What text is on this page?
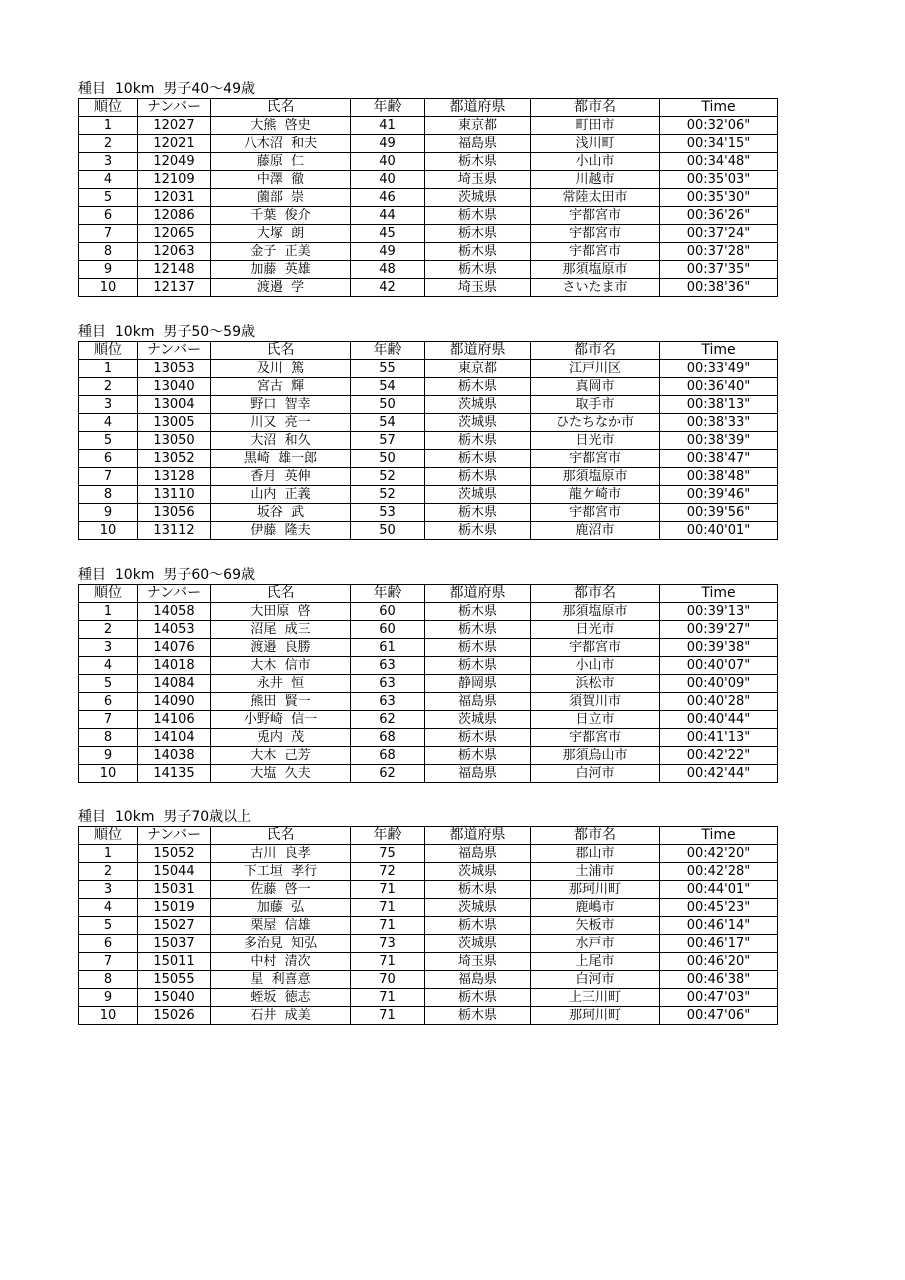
種目  10km  男子40～49歳
順位	ナンバー	氏名	年齢	都道府県	都市名	Time
1	12027	大熊  啓史	41	東京都	町田市	00:32'06"
2	12021	八木沼  和夫	49	福島県	浅川町	00:34'15"
3	12049	藤原  仁	40	栃木県	小山市	00:34'48"
4	12109	中澤  徹	40	埼玉県	川越市	00:35'03"
5	12031	薗部  崇	46	茨城県	常陸太田市	00:35'30"
6	12086	千葉  俊介	44	栃木県	宇都宮市	00:36'26"
7	12065	大塚  朗	45	栃木県	宇都宮市	00:37'24"
8	12063	金子  正美	49	栃木県	宇都宮市	00:37'28"
9	12148	加藤  英雄	48	栃木県	那須塩原市	00:37'35"
10	12137	渡邉  学	42	埼玉県	さいたま市	00:38'36"
種目  10km  男子50～59歳
順位	ナンバー	氏名	年齢	都道府県	都市名	Time
1	13053	及川  篤	55	東京都	江戸川区	00:33'49"
2	13040	宮古  輝	54	栃木県	真岡市	00:36'40"
3	13004	野口  智幸	50	茨城県	取手市	00:38'13"
4	13005	川又  亮一	54	茨城県	ひたちなか市	00:38'33"
5	13050	大沼  和久	57	栃木県	日光市	00:38'39"
6	13052	黒崎  雄一郎	50	栃木県	宇都宮市	00:38'47"
7	13128	香月  英伸	52	栃木県	那須塩原市	00:38'48"
8	13110	山内  正義	52	茨城県	龍ケ崎市	00:39'46"
9	13056	坂谷  武	53	栃木県	宇都宮市	00:39'56"
10	13112	伊藤  隆夫	50	栃木県	鹿沼市	00:40'01"
種目  10km  男子60～69歳
順位	ナンバー	氏名	年齢	都道府県	都市名	Time
1	14058	大田原  啓	60	栃木県	那須塩原市	00:39'13"
2	14053	沼尾  成三	60	栃木県	日光市	00:39'27"
3	14076	渡邉  良勝	61	栃木県	宇都宮市	00:39'38"
4	14018	大木  信市	63	栃木県	小山市	00:40'07"
5	14084	永井  恒	63	静岡県	浜松市	00:40'09"
6	14090	熊田  賢一	63	福島県	須賀川市	00:40'28"
7	14106	小野崎  信一	62	茨城県	日立市	00:40'44"
8	14104	兎内  茂	68	栃木県	宇都宮市	00:41'13"
9	14038	大木  己芳	68	栃木県	那須烏山市	00:42'22"
10	14135	大塩  久夫	62	福島県	白河市	00:42'44"
種目  10km  男子70歳以上
順位	ナンバー	氏名	年齢	都道府県	都市名	Time
1	15052	古川  良孝	75	福島県	郡山市	00:42'20"
2	15044	下工垣  孝行	72	茨城県	土浦市	00:42'28"
3	15031	佐藤  啓一	71	栃木県	那珂川町	00:44'01"
4	15019	加藤  弘	71	茨城県	鹿嶋市	00:45'23"
5	15027	栗屋  信雄	71	栃木県	矢板市	00:46'14"
6	15037	多治見  知弘	73	茨城県	水戸市	00:46'17"
7	15011	中村  清次	71	埼玉県	上尾市	00:46'20"
8	15055	星  利喜意	70	福島県	白河市	00:46'38"
9	15040	蛭坂  徳志	71	栃木県	上三川町	00:47'03"
10	15026	石井  成美	71	栃木県	那珂川町	00:47'06"
